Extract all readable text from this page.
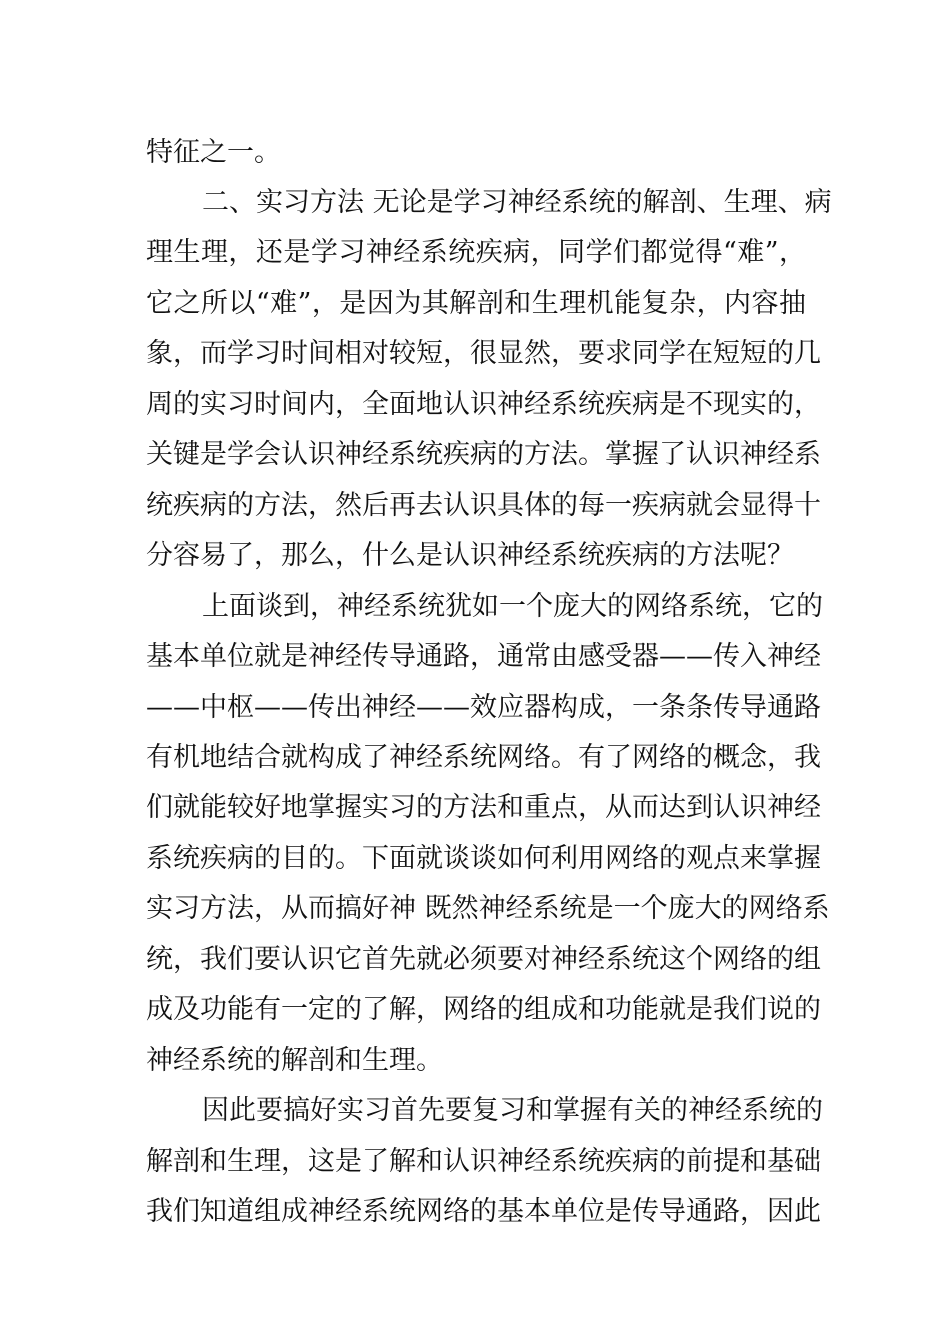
特征之一。
二、实习方法 无论是学习神经系统的解剖、生理、病
理生理，还是学习神经系统疾病，同学们都觉得“难”，
它之所以“难”，是因为其解剖和生理机能复杂，内容抽
象，而学习时间相对较短，很显然，要求同学在短短的几
周的实习时间内，全面地认识神经系统疾病是不现实的，
关键是学会认识神经系统疾病的方法。掌握了认识神经系
统疾病的方法，然后再去认识具体的每一疾病就会显得十
分容易了，那么，什么是认识神经系统疾病的方法呢？
上面谈到，神经系统犹如一个庞大的网络系统，它的
基本单位就是神经传导通路，通常由感受器——传入神经
——中枢——传出神经——效应器构成，一条条传导通路
有机地结合就构成了神经系统网络。有了网络的概念，我
们就能较好地掌握实习的方法和重点，从而达到认识神经
系统疾病的目的。下面就谈谈如何利用网络的观点来掌握
实习方法，从而搞好神 既然神经系统是一个庞大的网络系
统，我们要认识它首先就必须要对神经系统这个网络的组
成及功能有一定的了解，网络的组成和功能就是我们说的
神经系统的解剖和生理。
因此要搞好实习首先要复习和掌握有关的神经系统的
解剖和生理，这是了解和认识神经系统疾病的前提和基础
我们知道组成神经系统网络的基本单位是传导通路，因此
